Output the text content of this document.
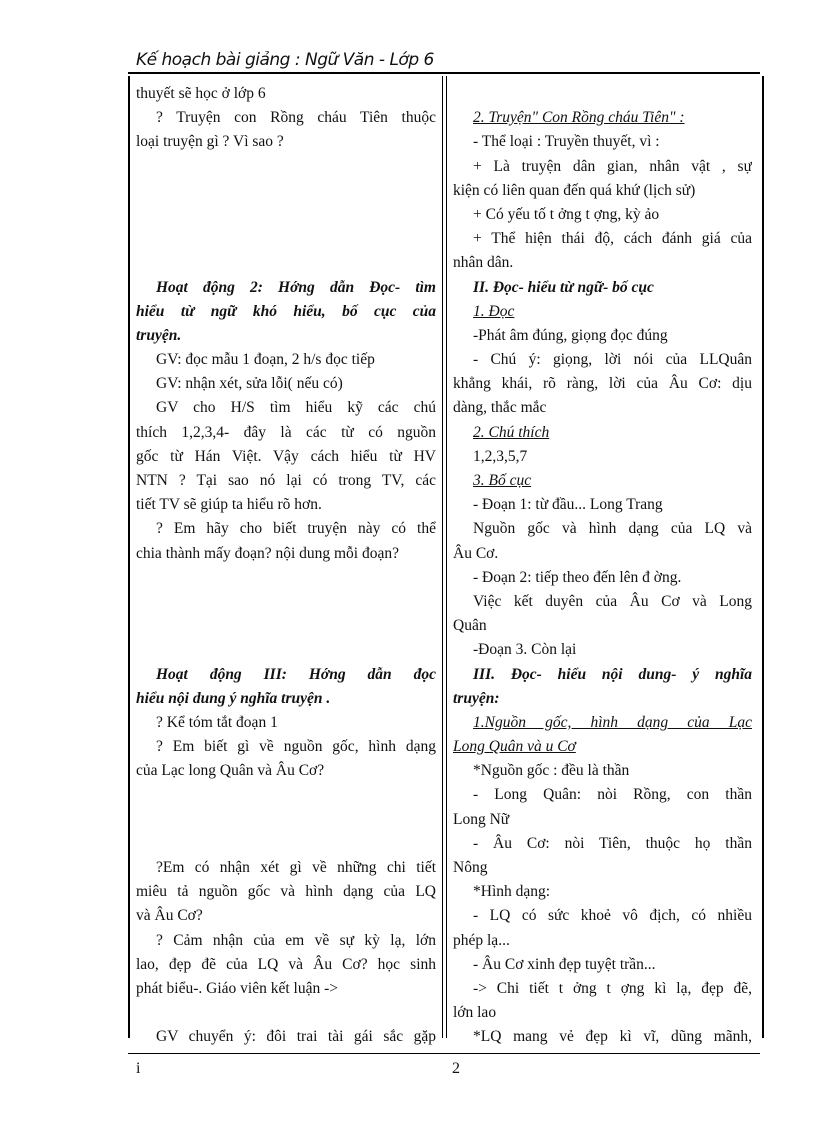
Kế hoạch bài giảng : Ngữ Văn - Lớp 6
thuyết sẽ học ở lớp 6
? Truyện con Rồng cháu Tiên thuộc
loại truyện gì ? Vì sao ?
Hoạt động 2: Hớng dẫn Đọc- tìm
hiểu từ ngữ khó hiểu, bố cục của
truyện.
GV: đọc mẫu 1 đoạn, 2 h/s đọc tiếp
GV: nhận xét, sửa lỗi( nếu có)
GV cho H/S tìm hiểu kỹ các chú
thích 1,2,3,4- đây là các từ có nguồn
gốc từ Hán Việt. Vậy cách hiểu từ HV
NTN ? Tại sao nó lại có trong TV, các
tiết TV sẽ giúp ta hiểu rõ hơn.
? Em hãy cho biết truyện này có thể
chia thành mấy đoạn? nội dung mỗi đoạn?
Hoạt động III: Hớng dẫn đọc
hiểu nội dung ý nghĩa truyện .
? Kể tóm tắt đoạn 1
? Em biết gì về nguồn gốc, hình dạng
của Lạc long Quân và Âu Cơ?
?Em có nhận xét gì về những chi tiết
miêu tả nguồn gốc và hình dạng của LQ
và Âu Cơ?
? Cảm nhận của em về sự kỳ lạ, lớn
lao, đẹp đẽ của LQ và Âu Cơ? học sinh
phát biểu-. Giáo viên kết luận ->
GV chuyển ý: đôi trai tài gái sắc gặp
2. Truyện" Con Rồng cháu Tiên" :
- Thể loại : Truyền thuyết, vì :
+ Là truyện dân gian, nhân vật , sự
kiện có liên quan đến quá khứ (lịch sử)
+ Có yếu tố t ởng t ợng, kỳ ảo
+ Thể hiện thái độ, cách đánh giá của
nhân dân.
II. Đọc- hiểu từ ngữ- bố cục
1. Đọc
-Phát âm đúng, giọng đọc đúng
- Chú ý: giọng, lời nói của LLQuân
khẳng khái, rõ ràng, lời của Âu Cơ: dịu
dàng, thắc mắc
2. Chú thích
1,2,3,5,7
3. Bố cục
- Đoạn 1: từ đầu... Long Trang
Nguồn gốc và hình dạng của LQ và
Âu Cơ.
- Đoạn 2: tiếp theo đến lên đ ờng.
Việc kết duyên của Âu Cơ và Long
Quân
-Đoạn 3. Còn lại
III. Đọc- hiểu nội dung- ý nghĩa
truyện:
1.Nguồn gốc, hình dạng của Lạc
Long Quân và u Cơ
*Nguồn gốc : đều là thần
- Long Quân: nòi Rồng, con thần
Long Nữ
- Âu Cơ: nòi Tiên, thuộc họ thần
Nông
*Hình dạng:
- LQ có sức khoẻ vô địch, có nhiều
phép lạ...
- Âu Cơ xinh đẹp tuyệt trần...
-> Chi tiết t ởng t ợng kì lạ, đẹp đẽ,
lớn lao
*LQ mang vẻ đẹp kì vĩ, dũng mãnh,
i	2
